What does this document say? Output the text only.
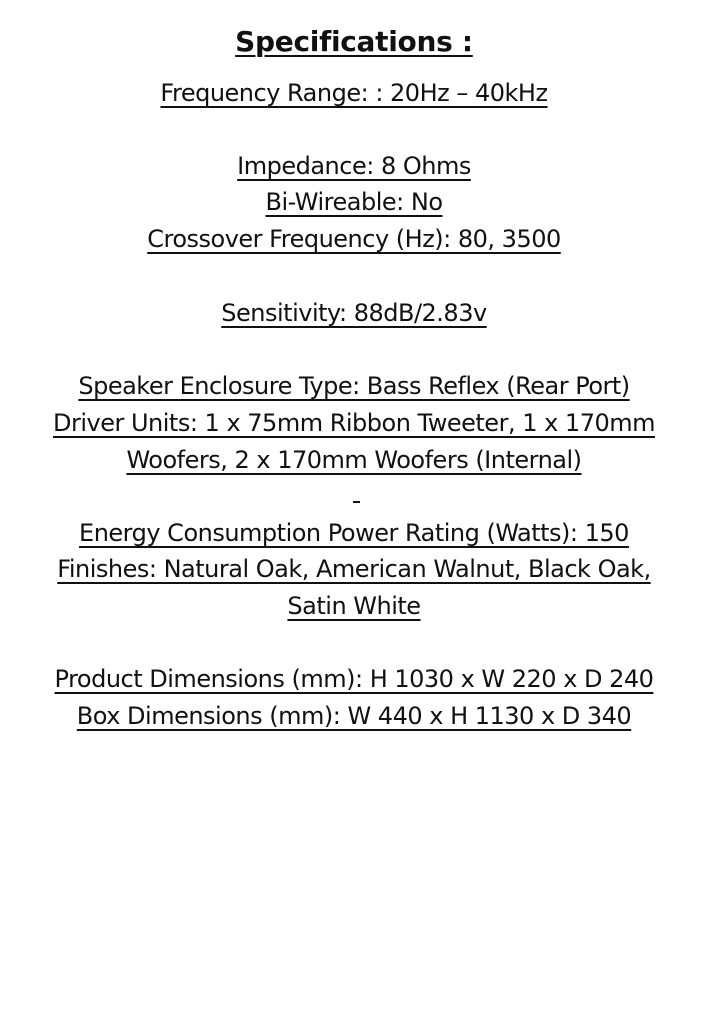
Specifications :
Frequency Range: : 20Hz – 40kHz
Impedance: 8 Ohms
Bi-Wireable: No
Crossover Frequency (Hz): 80, 3500
Sensitivity: 88dB/2.83v
Speaker Enclosure Type: Bass Reflex (Rear Port)
Driver Units: 1 x 75mm Ribbon Tweeter, 1 x 170mm
Woofers, 2 x 170mm Woofers (Internal)
Energy Consumption Power Rating (Watts): 150
Finishes: Natural Oak, American Walnut, Black Oak,
Satin White
Product Dimensions (mm): H 1030 x W 220 x D 240
Box Dimensions (mm): W 440 x H 1130 x D 340
